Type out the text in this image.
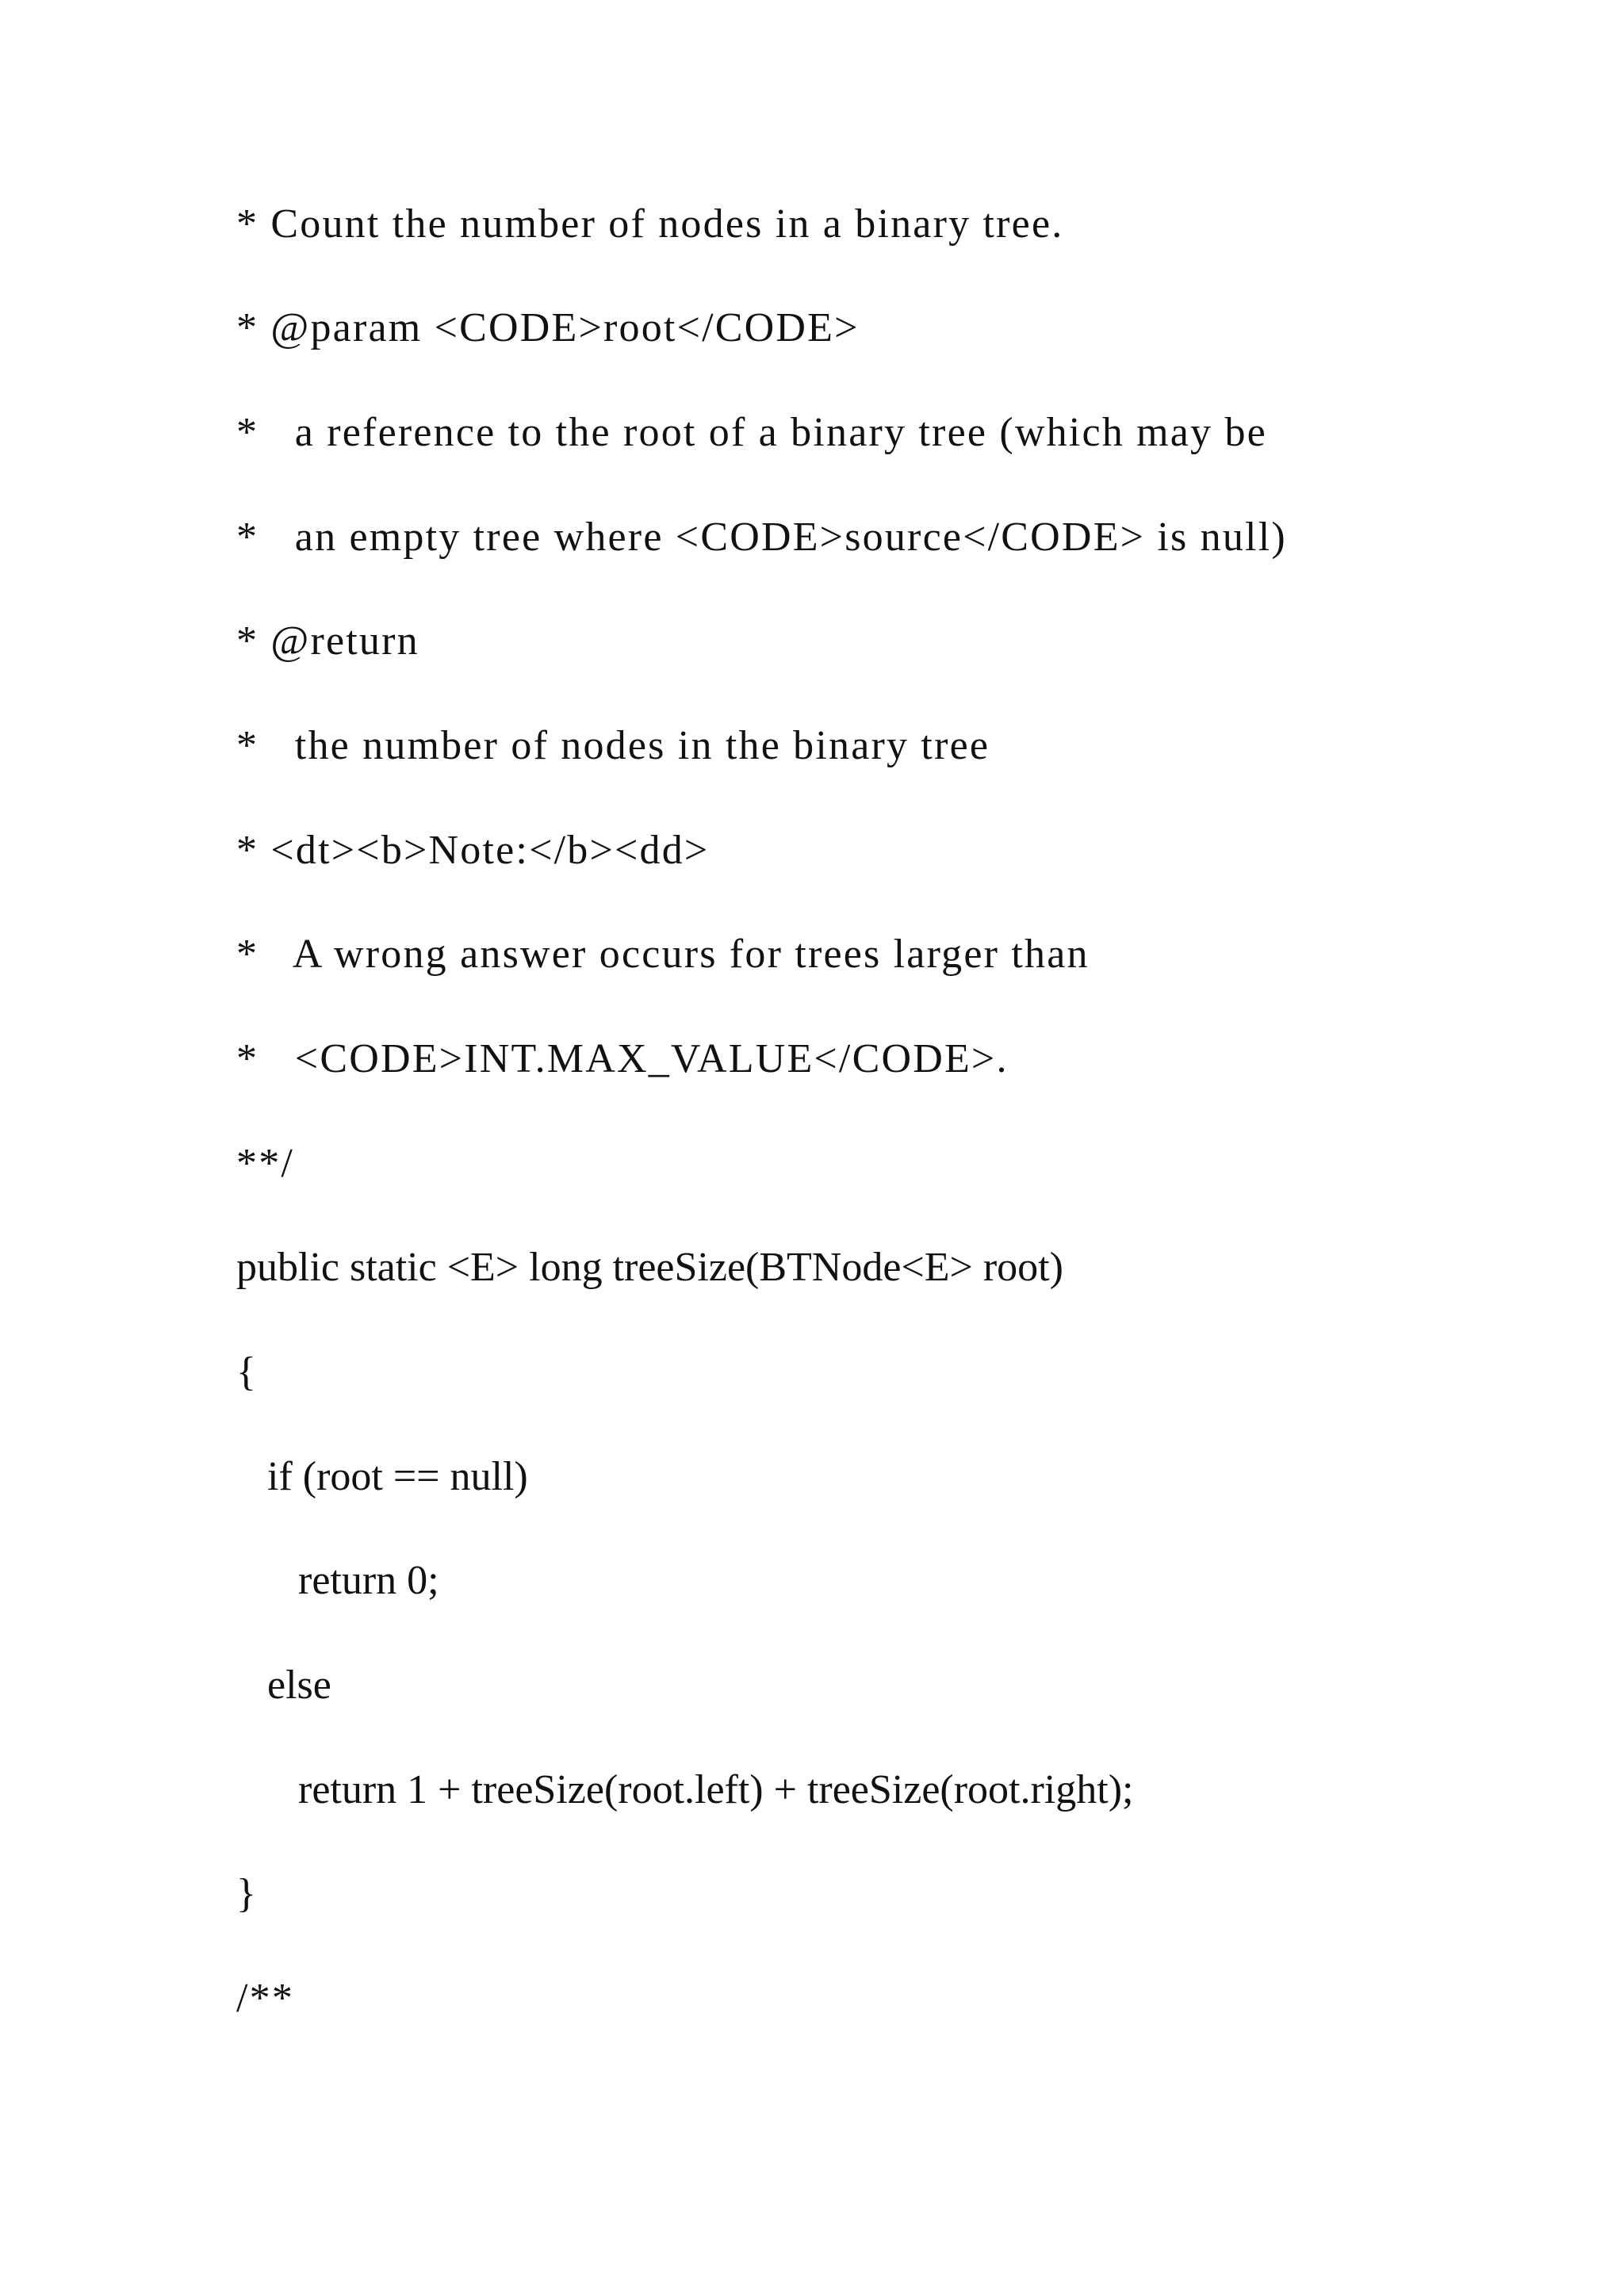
* Count the number of nodes in a binary tree.

* @param <CODE>root</CODE>

*   a reference to the root of a binary tree (which may be

*   an empty tree where <CODE>source</CODE> is null)

* @return

*   the number of nodes in the binary tree

* <dt><b>Note:</b><dd>

*   A wrong answer occurs for trees larger than

*   <CODE>INT.MAX_VALUE</CODE>.

**/

public static <E> long treeSize(BTNode<E> root)

{

if (root == null)

return 0;

else

return 1 + treeSize(root.left) + treeSize(root.right);

}

/**
